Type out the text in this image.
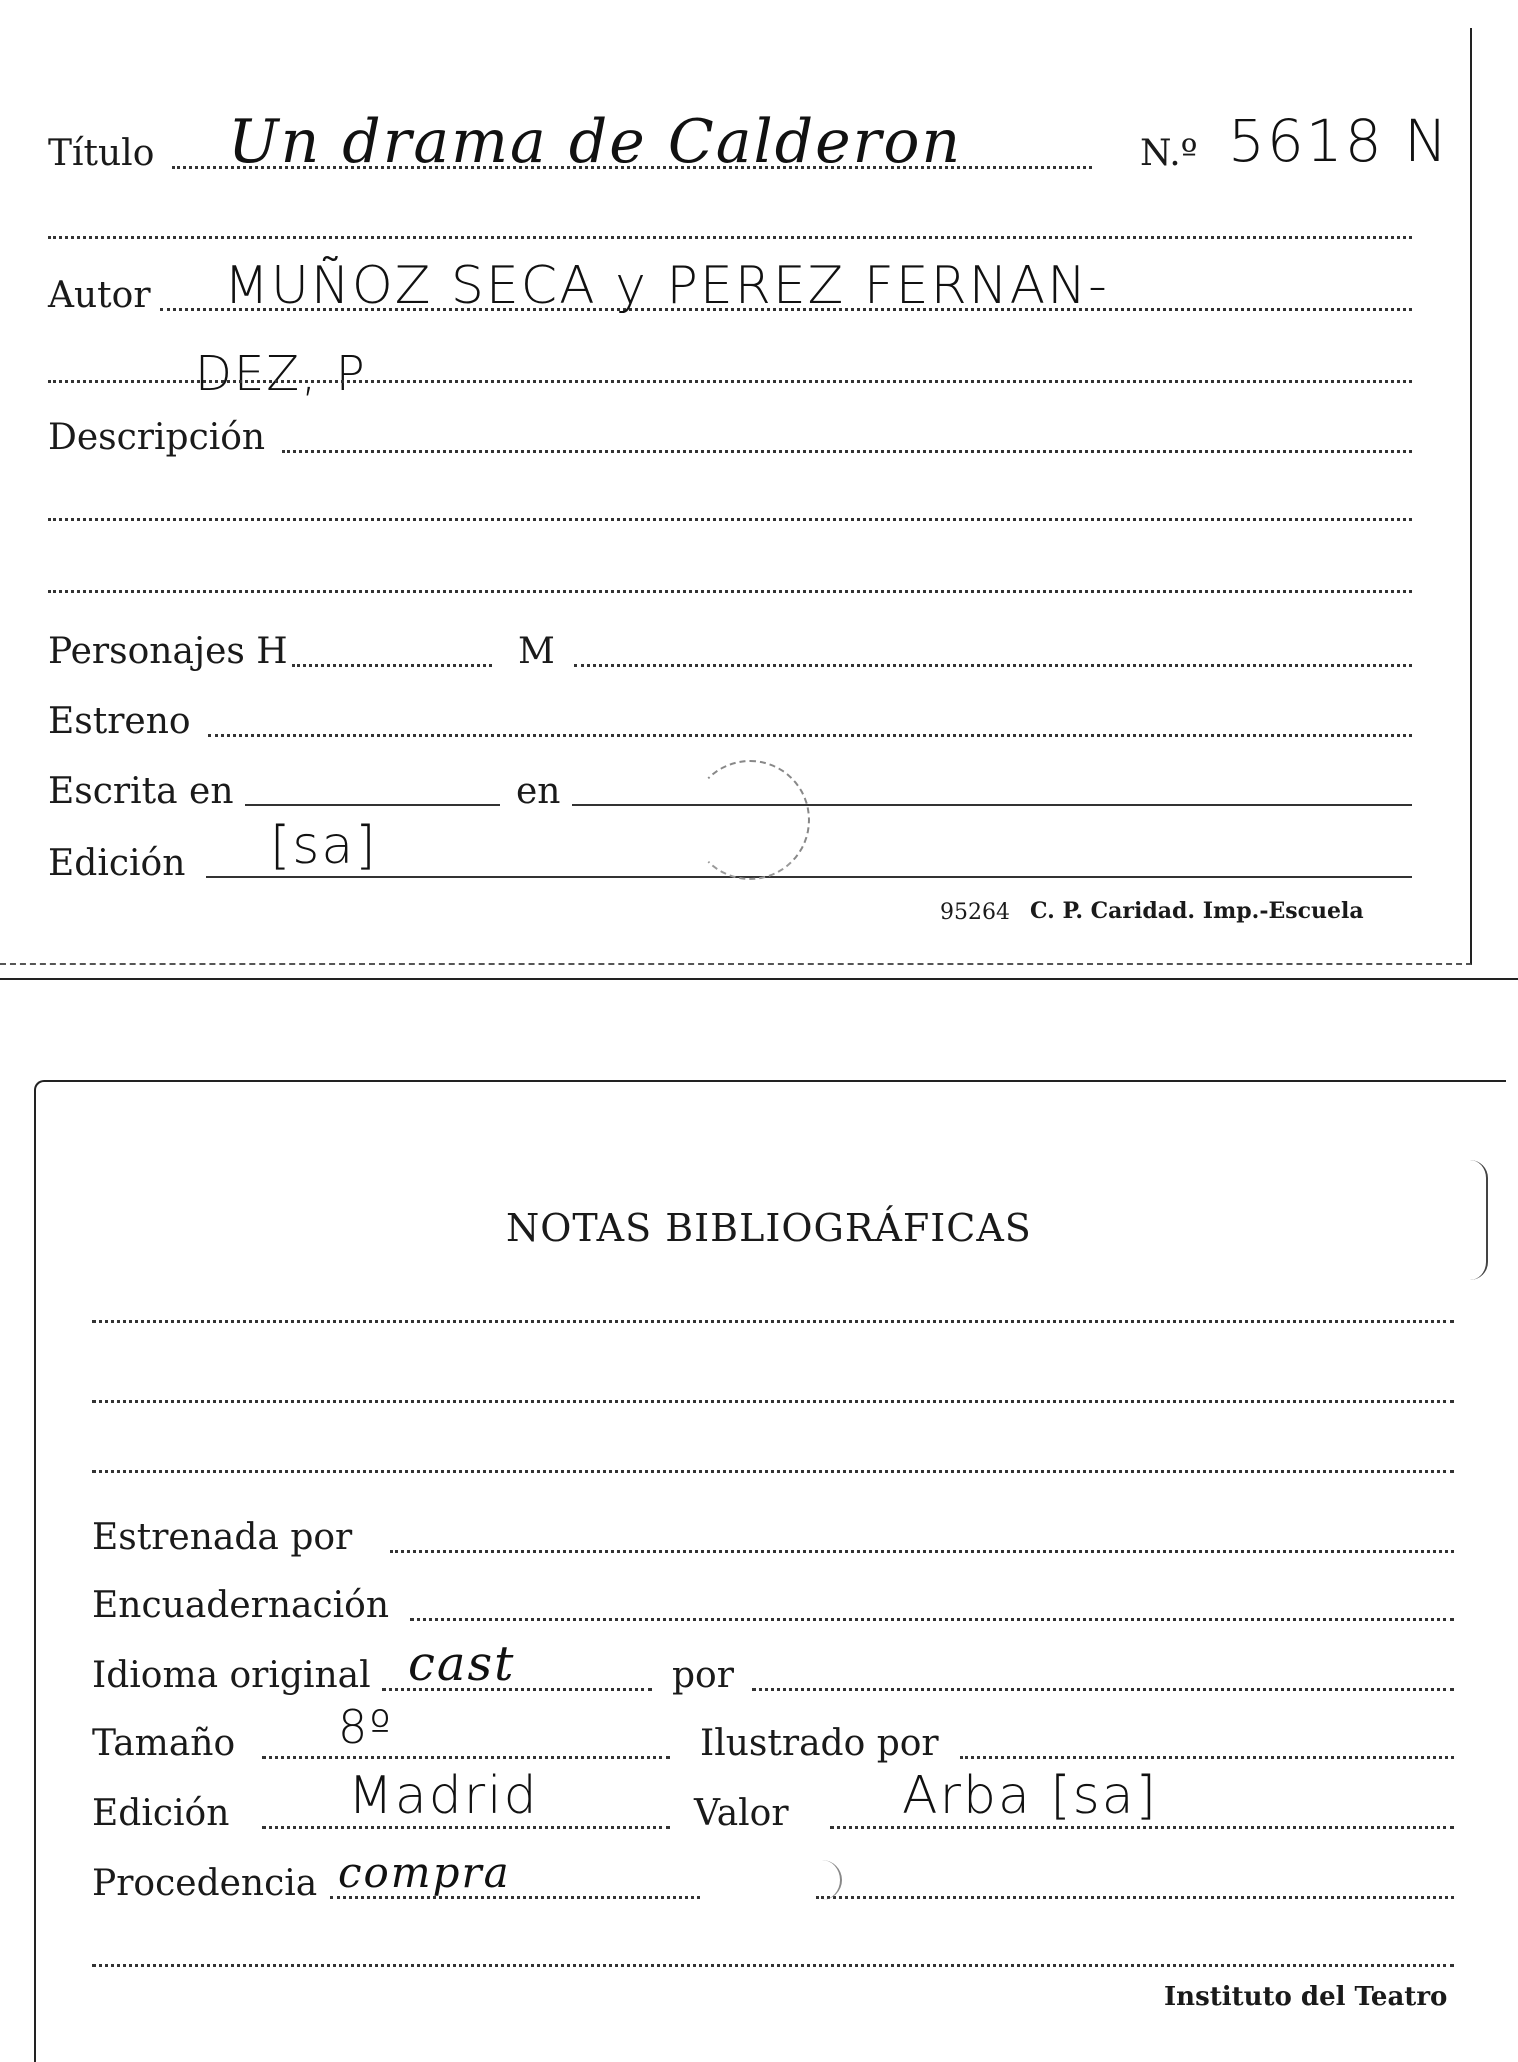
Título Un drama de Calderon	N.º 5618 N
Autor MUÑOZ SECA y PEREZ FERNAN-
DEZ, P
Descripción
Personajes H	M
Estreno
Escrita en	en
Edición [sa]
95264 C. P. Caridad. Imp.-Escuela
NOTAS BIBLIOGRÁFICAS
Estrenada por
Encuadernación
Idioma original cast	por
Tamaño 8º	Ilustrado por
Edición Madrid	Valor Arba [sa]
Procedencia compra
Instituto del Teatro
